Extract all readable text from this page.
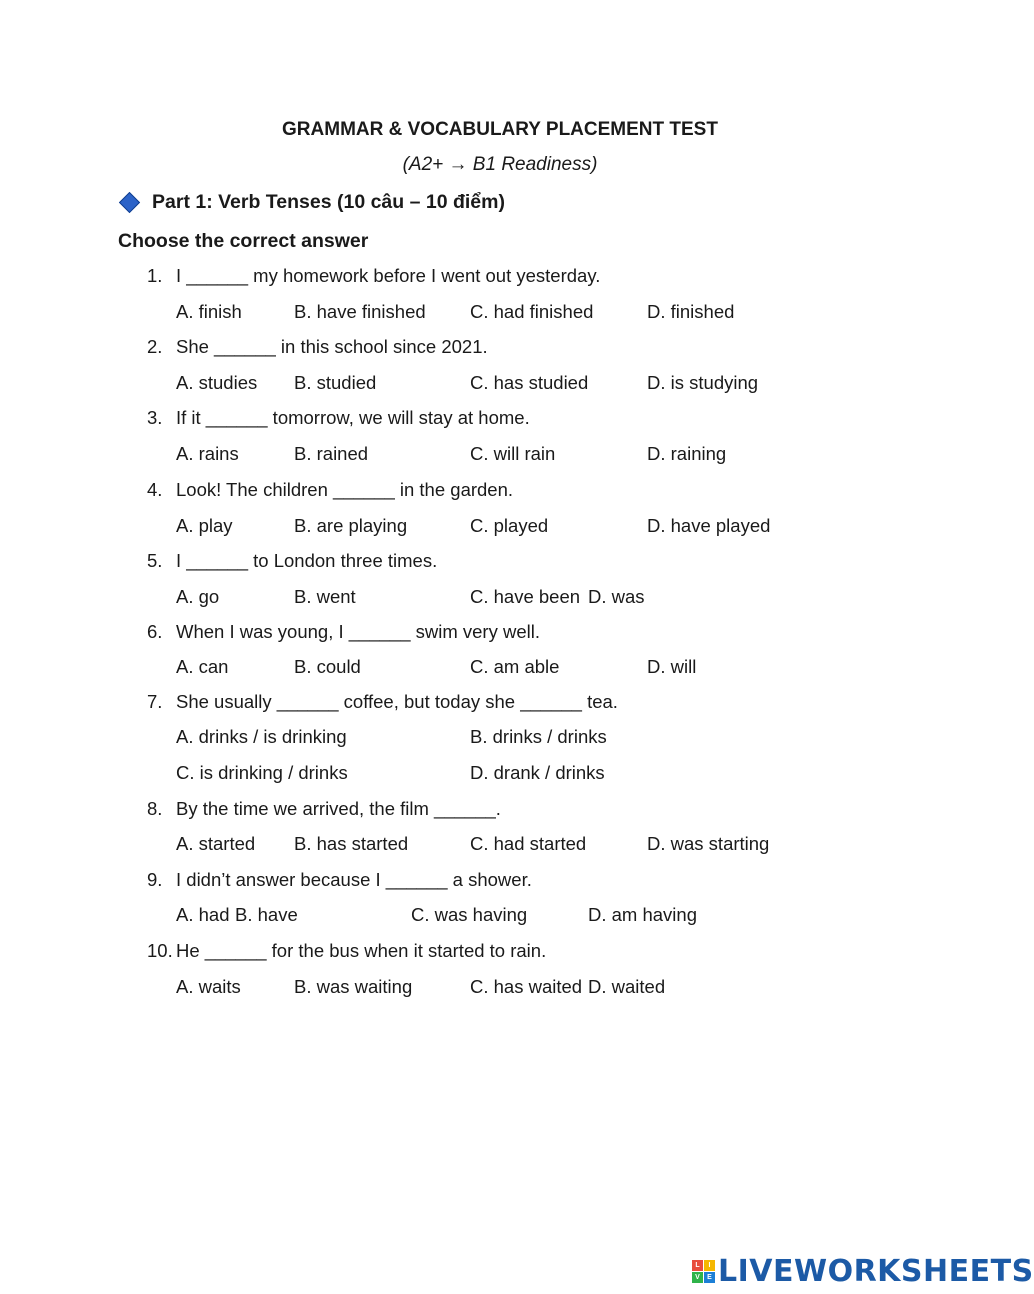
GRAMMAR & VOCABULARY PLACEMENT TEST
(A2+ → B1 Readiness)
Part 1: Verb Tenses (10 câu – 10 điểm)
Choose the correct answer
1. I ______ my homework before I went out yesterday.
A. finish	B. have finished C. had finished	D. finished
2. She ______ in this school since 2021.
A. studies B. studied	C. has studied	D. is studying
3. If it ______ tomorrow, we will stay at home.
A. rains	B. rained	C. will rain	D. raining
4. Look! The children ______ in the garden.
A. play	B. are playing	C. played	D. have played
5. I ______ to London three times.
A. go	B. went	C. have been D. was
6. When I was young, I ______ swim very well.
A. can	B. could	C. am able	D. will
7. She usually ______ coffee, but today she ______ tea.
A. drinks / is drinking	B. drinks / drinks
C. is drinking / drinks	D. drank / drinks
8. By the time we arrived, the film ______.
A. started B. has started	C. had started	D. was starting
9. I didn’t answer because I ______ a shower.
A. had B. have	C. was having	D. am having
10. He ______ for the bus when it started to rain.
A. waits	B. was waiting	C. has waited D. waited
L	I
V	E LIVEWORKSHEETS
